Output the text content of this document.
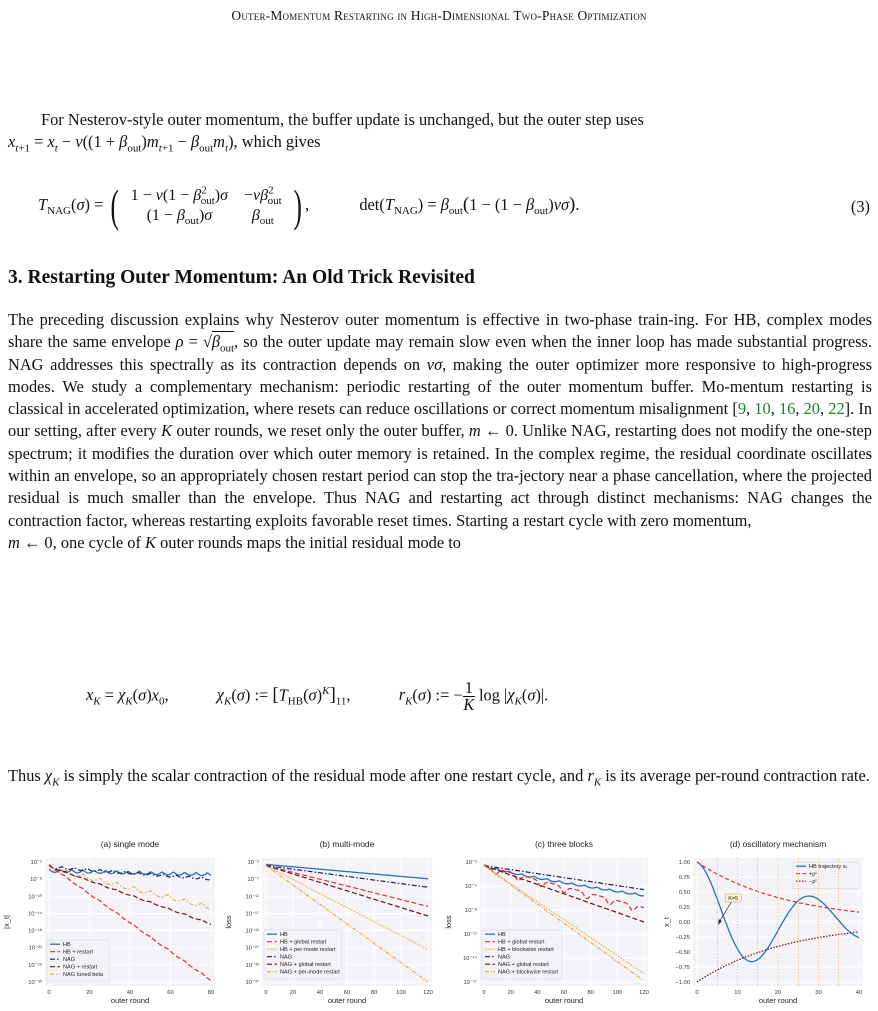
Outer-Momentum Restarting in High-Dimensional Two-Phase Optimization

For Nesterov-style outer momentum, the buffer update is unchanged, but the outer step uses
$x_{t+1} = x_t - \nu((1 + \beta_{out})m_{t+1} - \beta_{out}m_t)$, which gives

$T_{NAG}(\sigma)$ = ( $1 - \nu(1 - \beta^2_{out})\sigma$	$-\nu\beta^2_{out}$
$(1 - \beta_{out})\sigma$	$\beta_{out}$ ) ,	$\det(T_{NAG}) = \beta_{out}(1 - (1 - \beta_{out})\nu\sigma)$.	(3)
3. Restarting Outer Momentum: An Old Trick Revisited

The preceding discussion explains why Nesterov outer momentum is effective in two-phase train-ing. For HB, complex modes share the same envelope $\rho = √\beta_{out}$, so the outer update may remain slow even when the inner loop has made substantial progress. NAG addresses this spectrally as its contraction depends on νσ, making the outer optimizer more responsive to high-progress modes. We study a complementary mechanism: periodic restarting of the outer momentum buffer. Mo-mentum restarting is classical in accelerated optimization, where resets can reduce oscillations or correct momentum misalignment [9, 10, 16, 20, 22]. In our setting, after every K outer rounds, we reset only the outer buffer, m ← 0. Unlike NAG, restarting does not modify the one-step spectrum; it modifies the duration over which outer memory is retained. In the complex regime, the residual coordinate oscillates within an envelope, so an appropriately chosen restart period can stop the tra-jectory near a phase cancellation, where the projected residual is much smaller than the envelope. Thus NAG and restarting act through distinct mechanisms: NAG changes the contraction factor, whereas restarting exploits favorable reset times. Starting a restart cycle with zero momentum,
m ← 0, one cycle of K outer rounds maps the initial residual mode to

$x_K = \chi_K(\sigma)x_0$,	$\chi_K(\sigma)$ := $[T_{HB}(\sigma)^K]_{11}$,	$r_K(\sigma)$ := − $\frac{1}{K}$ $\log |\chi_K(\sigma)|$.

Thus $\chi_K$ is simply the scalar contraction of the residual mode after one restart cycle, and $r_K$ is its average per-round contraction rate.

(a) single mode
0	20	40	60	80
10⁻²
10⁻⁶
10⁻¹⁰
10⁻¹⁴
10⁻¹⁸
10⁻²²
10⁻²⁶
10⁻³⁰
outer round
|x_t|
HB
HB + restart
NAG
NAG + restart
NAG tuned beta
(b) multi-mode
0	20	40	60	80	100	120
10⁻²
10⁻⁷
10⁻¹²
10⁻¹⁷
10⁻²²
10⁻²⁷
10⁻³²
10⁻³⁷
outer round
loss
HB
HB + global restart
HB + per-mode restart
NAG
NAG + global restart
NAG + per-mode restart
(c) three blocks
0	20	40	60	80	100	120
10⁻²
10⁻⁵
10⁻⁸
10⁻¹¹
10⁻¹⁴
10⁻¹⁷
outer round
loss
HB
HB + global restart
HB + blockwise restart
NAG
NAG + global restart
NAG + blockwise restart
(d) oscillatory mechanism
0	10	20	30	40
1.00
0.75
0.50
0.25
0.00
−0.25
−0.50
−0.75
−1.00
outer round
x_t
HB trajectory xₜ
+ρᵗ
−ρᵗ
K=5
